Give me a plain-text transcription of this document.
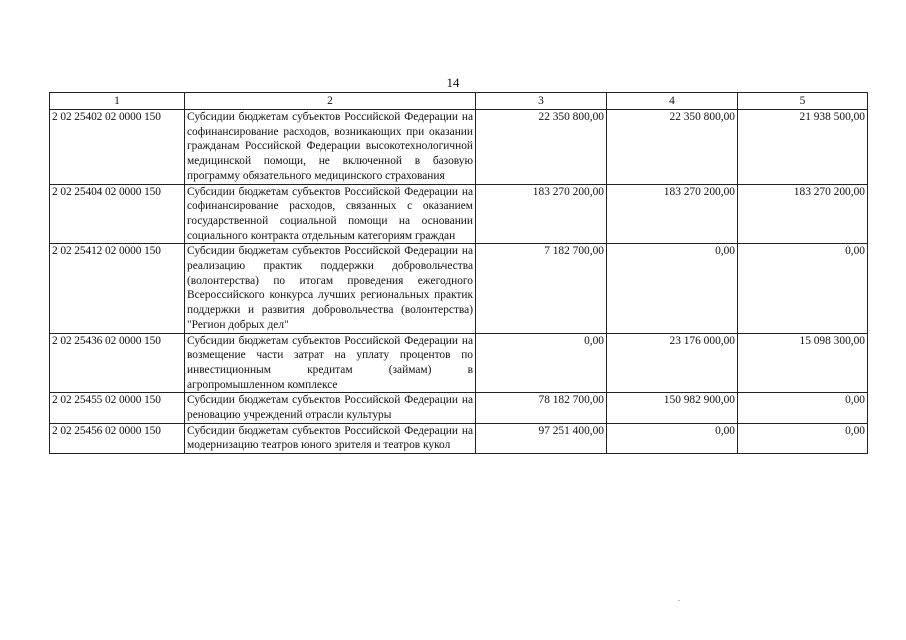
14
1	2	3	4	5
2 02 25402 02 0000 150	Субсидии бюджетам субъектов Российской Федерации на софинансирование расходов, возникающих при оказании гражданам Российской Федерации высокотехнологичной медицинской помощи, не включенной в базовую программу обязательного медицинского страхования	22 350 800,00	22 350 800,00	21 938 500,00
2 02 25404 02 0000 150	Субсидии бюджетам субъектов Российской Федерации на софинансирование расходов, связанных с оказанием государственной социальной помощи на основании социального контракта отдельным категориям граждан	183 270 200,00	183 270 200,00	183 270 200,00
2 02 25412 02 0000 150	Субсидии бюджетам субъектов Российской Федерации на реализацию практик поддержки добровольчества (волонтерства) по итогам проведения ежегодного Всероссийского конкурса лучших региональных практик поддержки и развития добровольчества (волонтерства) "Регион добрых дел"	7 182 700,00	0,00	0,00
2 02 25436 02 0000 150	Субсидии бюджетам субъектов Российской Федерации на возмещение части затрат на уплату процентов по инвестиционным кредитам (займам) в агропромышленном комплексе	0,00	23 176 000,00	15 098 300,00
2 02 25455 02 0000 150	Субсидии бюджетам субъектов Российской Федерации на реновацию учреждений отрасли культуры	78 182 700,00	150 982 900,00	0,00
2 02 25456 02 0000 150	Субсидии бюджетам субъектов Российской Федерации на модернизацию театров юного зрителя и театров кукол	97 251 400,00	0,00	0,00
